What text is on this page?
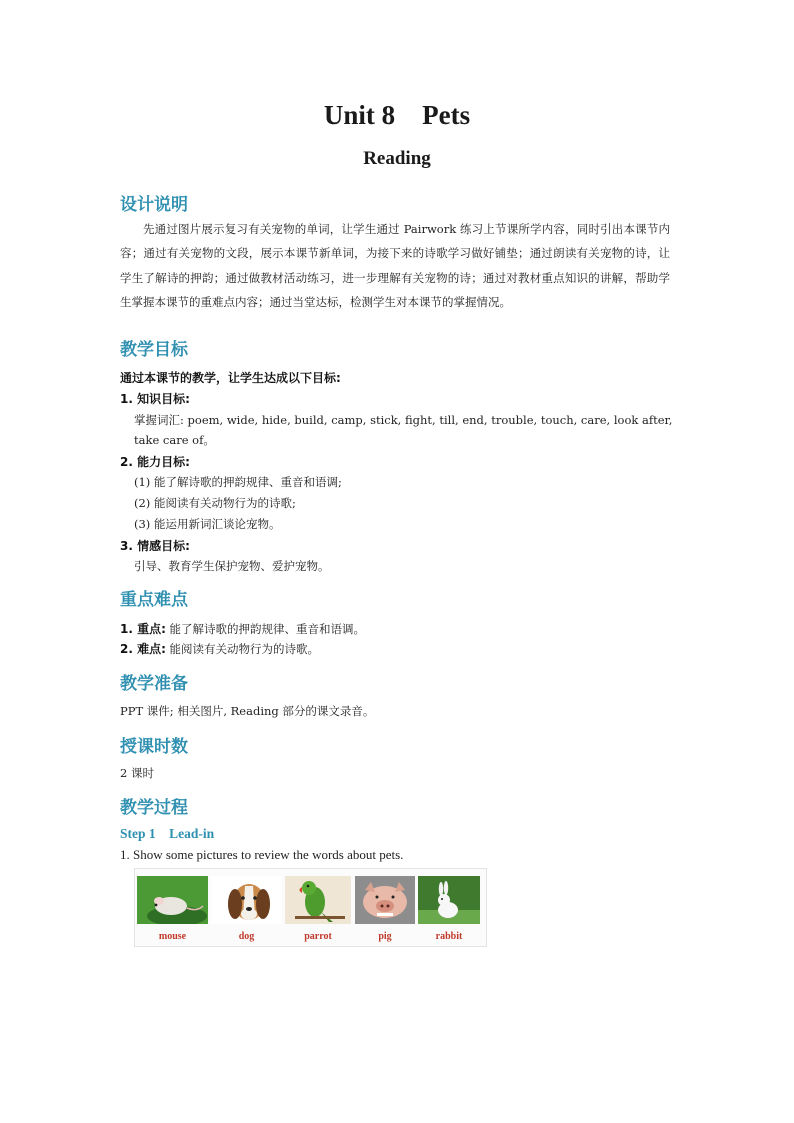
Unit 8    Pets
Reading
设计说明
先通过图片展示复习有关宠物的单词，让学生通过 Pairwork 练习上节课所学内容，同时引出本课节内容；通过有关宠物的文段，展示本课节新单词，为接下来的诗歌学习做好铺垫；通过朗读有关宠物的诗，让学生了解诗的押韵；通过做教材活动练习，进一步理解有关宠物的诗；通过对教材重点知识的讲解，帮助学生掌握本课节的重难点内容；通过当堂达标，检测学生对本课节的掌握情况。
教学目标
通过本课节的教学，让学生达成以下目标:
1. 知识目标:
掌握词汇: poem, wide, hide, build, camp, stick, fight, till, end, trouble, touch, care, look after,
take care of。
2. 能力目标:
(1) 能了解诗歌的押韵规律、重音和语调;
(2) 能阅读有关动物行为的诗歌;
(3) 能运用新词汇谈论宠物。
3. 情感目标:
引导、教育学生保护宠物、爱护宠物。
重点难点
1. 重点: 能了解诗歌的押韵规律、重音和语调。
2. 难点: 能阅读有关动物行为的诗歌。
教学准备
PPT 课件; 相关图片, Reading 部分的课文录音。
授课时数
2 课时
教学过程
Step 1    Lead-in
1. Show some pictures to review the words about pets.
mouse	dog	parrot	pig	rabbit
